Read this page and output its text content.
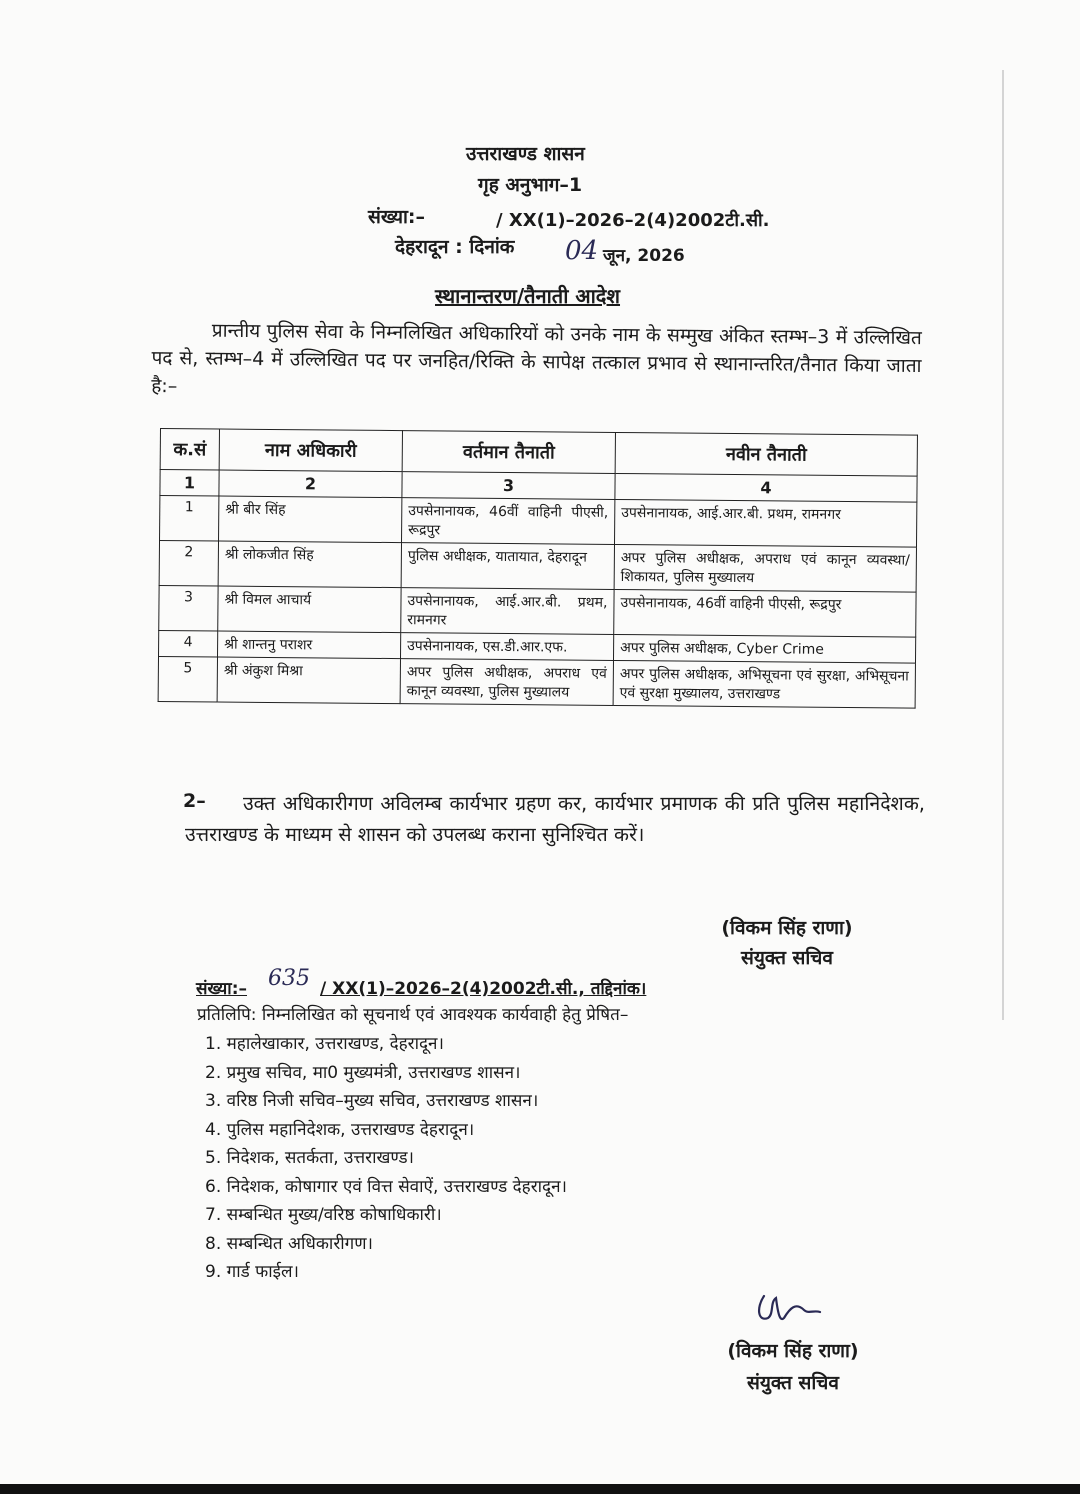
उत्तराखण्ड शासन
गृह अनुभाग–1
संख्या:–	/ XX(1)–2026–2(4)2002टी.सी.
देहरादून : दिनांक 04 जून, 2026
स्थानान्तरण/तैनाती आदेश
प्रान्तीय पुलिस सेवा के निम्नलिखित अधिकारियों को उनके नाम के सम्मुख अंकित स्तम्भ–3 में उल्लिखित पद से, स्तम्भ–4 में उल्लिखित पद पर जनहित/रिक्ति के सापेक्ष तत्काल प्रभाव से स्थानान्तरित/तैनात किया जाता है:–
क.सं	नाम अधिकारी	वर्तमान तैनाती	नवीन तैनाती
1	2	3	4
1	श्री बीर सिंह	उपसेनानायक, 46वीं वाहिनी पीएसी, रूद्रपुर	उपसेनानायक, आई.आर.बी. प्रथम, रामनगर
2	श्री लोकजीत सिंह	पुलिस अधीक्षक, यातायात, देहरादून	अपर पुलिस अधीक्षक, अपराध एवं कानून व्यवस्था/शिकायत, पुलिस मुख्यालय
3	श्री विमल आचार्य	उपसेनानायक, आई.आर.बी. प्रथम, रामनगर	उपसेनानायक, 46वीं वाहिनी पीएसी, रूद्रपुर
4	श्री शान्तनु पराशर	उपसेनानायक, एस.डी.आर.एफ.	अपर पुलिस अधीक्षक, Cyber Crime
5	श्री अंकुश मिश्रा	अपर पुलिस अधीक्षक, अपराध एवं कानून व्यवस्था, पुलिस मुख्यालय	अपर पुलिस अधीक्षक, अभिसूचना एवं सुरक्षा, अभिसूचना एवं सुरक्षा मुख्यालय, उत्तराखण्ड
2–	उक्त अधिकारीगण अविलम्ब कार्यभार ग्रहण कर, कार्यभार प्रमाणक की प्रति पुलिस महानिदेशक, उत्तराखण्ड के माध्यम से शासन को उपलब्ध कराना सुनिश्चित करें।
(विकम सिंह राणा)
संयुक्त सचिव
संख्या:– 635 / XX(1)–2026–2(4)2002टी.सी., तद्दिनांक।
प्रतिलिपि: निम्नलिखित को सूचनार्थ एवं आवश्यक कार्यवाही हेतु प्रेषित–
1. महालेखाकार, उत्तराखण्ड, देहरादून।
2. प्रमुख सचिव, मा0 मुख्यमंत्री, उत्तराखण्ड शासन।
3. वरिष्ठ निजी सचिव–मुख्य सचिव, उत्तराखण्ड शासन।
4. पुलिस महानिदेशक, उत्तराखण्ड देहरादून।
5. निदेशक, सतर्कता, उत्तराखण्ड।
6. निदेशक, कोषागार एवं वित्त सेवाऐं, उत्तराखण्ड देहरादून।
7. सम्बन्धित मुख्य/वरिष्ठ कोषाधिकारी।
8. सम्बन्धित अधिकारीगण।
9. गार्ड फाईल।
(विकम सिंह राणा)
संयुक्त सचिव
